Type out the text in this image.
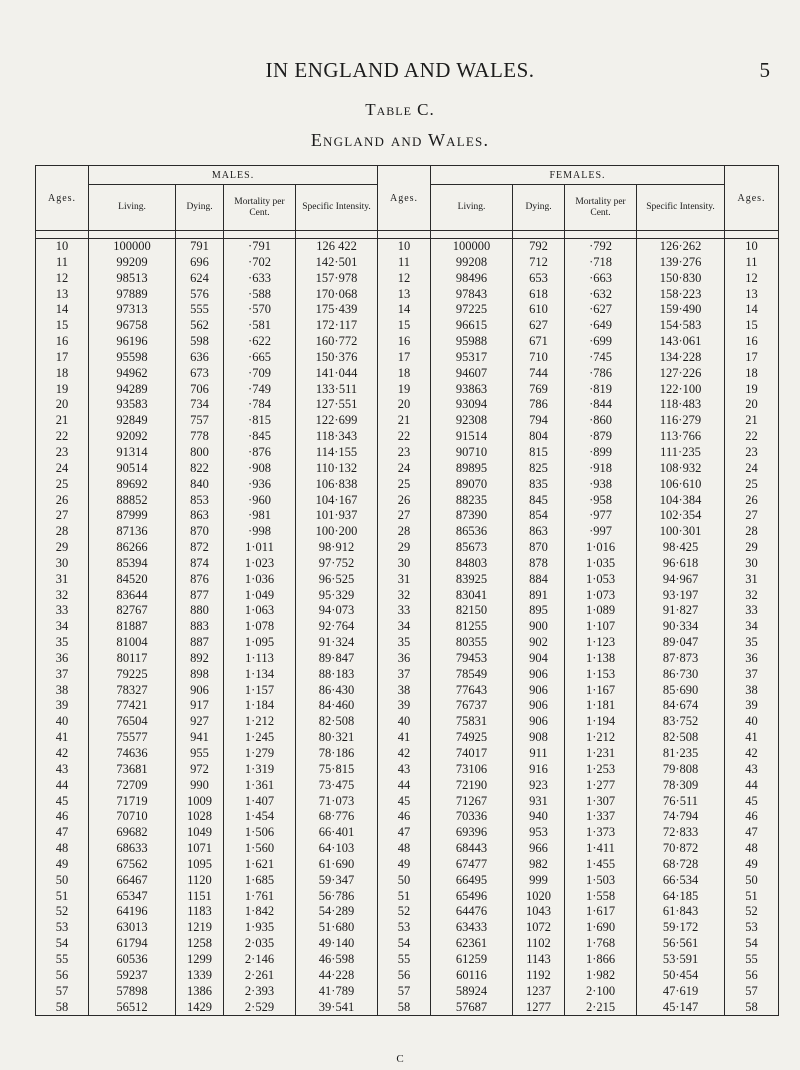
IN ENGLAND AND WALES.	5
Table C.
England and Wales.
Ages.	MALES.				Ages.	FEMALES.				Ages.
	Living.	Dying.	Mortality per Cent.	Specific Intensity.		Living.	Dying.	Mortality per Cent.	Specific Intensity.	

10	100000	791	·791	126 422	10	100000	792	·792	126·262	10
11	99209	696	·702	142·501	11	99208	712	·718	139·276	11
12	98513	624	·633	157·978	12	98496	653	·663	150·830	12
13	97889	576	·588	170·068	13	97843	618	·632	158·223	13
14	97313	555	·570	175·439	14	97225	610	·627	159·490	14
15	96758	562	·581	172·117	15	96615	627	·649	154·583	15
16	96196	598	·622	160·772	16	95988	671	·699	143·061	16
17	95598	636	·665	150·376	17	95317	710	·745	134·228	17
18	94962	673	·709	141·044	18	94607	744	·786	127·226	18
19	94289	706	·749	133·511	19	93863	769	·819	122·100	19
20	93583	734	·784	127·551	20	93094	786	·844	118·483	20
21	92849	757	·815	122·699	21	92308	794	·860	116·279	21
22	92092	778	·845	118·343	22	91514	804	·879	113·766	22
23	91314	800	·876	114·155	23	90710	815	·899	111·235	23
24	90514	822	·908	110·132	24	89895	825	·918	108·932	24
25	89692	840	·936	106·838	25	89070	835	·938	106·610	25
26	88852	853	·960	104·167	26	88235	845	·958	104·384	26
27	87999	863	·981	101·937	27	87390	854	·977	102·354	27
28	87136	870	·998	100·200	28	86536	863	·997	100·301	28
29	86266	872	1·011	98·912	29	85673	870	1·016	98·425	29
30	85394	874	1·023	97·752	30	84803	878	1·035	96·618	30
31	84520	876	1·036	96·525	31	83925	884	1·053	94·967	31
32	83644	877	1·049	95·329	32	83041	891	1·073	93·197	32
33	82767	880	1·063	94·073	33	82150	895	1·089	91·827	33
34	81887	883	1·078	92·764	34	81255	900	1·107	90·334	34
35	81004	887	1·095	91·324	35	80355	902	1·123	89·047	35
36	80117	892	1·113	89·847	36	79453	904	1·138	87·873	36
37	79225	898	1·134	88·183	37	78549	906	1·153	86·730	37
38	78327	906	1·157	86·430	38	77643	906	1·167	85·690	38
39	77421	917	1·184	84·460	39	76737	906	1·181	84·674	39
40	76504	927	1·212	82·508	40	75831	906	1·194	83·752	40
41	75577	941	1·245	80·321	41	74925	908	1·212	82·508	41
42	74636	955	1·279	78·186	42	74017	911	1·231	81·235	42
43	73681	972	1·319	75·815	43	73106	916	1·253	79·808	43
44	72709	990	1·361	73·475	44	72190	923	1·277	78·309	44
45	71719	1009	1·407	71·073	45	71267	931	1·307	76·511	45
46	70710	1028	1·454	68·776	46	70336	940	1·337	74·794	46
47	69682	1049	1·506	66·401	47	69396	953	1·373	72·833	47
48	68633	1071	1·560	64·103	48	68443	966	1·411	70·872	48
49	67562	1095	1·621	61·690	49	67477	982	1·455	68·728	49
50	66467	1120	1·685	59·347	50	66495	999	1·503	66·534	50
51	65347	1151	1·761	56·786	51	65496	1020	1·558	64·185	51
52	64196	1183	1·842	54·289	52	64476	1043	1·617	61·843	52
53	63013	1219	1·935	51·680	53	63433	1072	1·690	59·172	53
54	61794	1258	2·035	49·140	54	62361	1102	1·768	56·561	54
55	60536	1299	2·146	46·598	55	61259	1143	1·866	53·591	55
56	59237	1339	2·261	44·228	56	60116	1192	1·982	50·454	56
57	57898	1386	2·393	41·789	57	58924	1237	2·100	47·619	57
58	56512	1429	2·529	39·541	58	57687	1277	2·215	45·147	58
C
